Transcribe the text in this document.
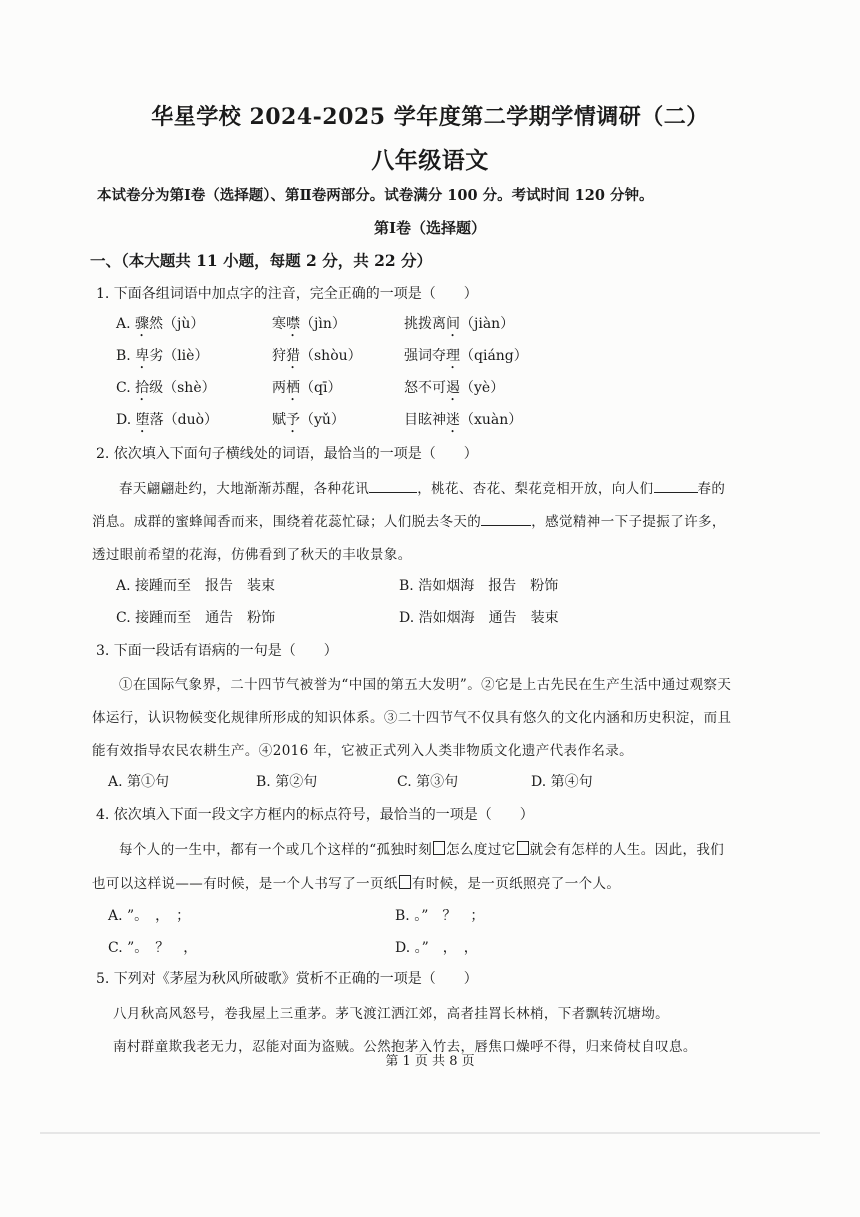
华星学校 2024-2025 学年度第二学期学情调研（二）
八年级语文
本试卷分为第Ⅰ卷（选择题）、第Ⅱ卷两部分。试卷满分 100 分。考试时间 120 分钟。
第Ⅰ卷（选择题）
一、（本大题共 11 小题，每题 2 分，共 22 分）
1. 下面各组词语中加点字的注音，完全正确的一项是（　　）
A. 骤然（jù）	寒噤（jìn）	挑拨离间（jiàn）
B. 卑劣（liè）	狩猎（shòu）	强词夺理（qiáng）
C. 拾级（shè）	两栖（qī）	怒不可遏（yè）
D. 堕落（duò）	赋予（yǔ）	目眩神迷（xuàn）
2. 依次填入下面句子横线处的词语，最恰当的一项是（　　）
春天翩翩赴约，大地渐渐苏醒，各种花讯	，桃花、杏花、梨花竞相开放，向人们	春的
消息。成群的蜜蜂闻香而来，围绕着花蕊忙碌；人们脱去冬天的	，感觉精神一下子提振了许多，
透过眼前希望的花海，仿佛看到了秋天的丰收景象。
A. 接踵而至　报告　装束	B. 浩如烟海　报告　粉饰
C. 接踵而至　通告　粉饰	D. 浩如烟海　通告　装束
3. 下面一段话有语病的一句是（　　）
①在国际气象界，二十四节气被誉为“中国的第五大发明”。②它是上古先民在生产生活中通过观察天
体运行，认识物候变化规律所形成的知识体系。③二十四节气不仅具有悠久的文化内涵和历史积淀，而且
能有效指导农民农耕生产。④2016 年，它被正式列入人类非物质文化遗产代表作名录。
A. 第①句	B. 第②句	C. 第③句	D. 第④句
4. 依次填入下面一段文字方框内的标点符号，最恰当的一项是（　　）
每个人的一生中，都有一个或几个这样的“孤独时刻 怎么度过它 就会有怎样的人生。因此，我们
也可以这样说——有时候，是一个人书写了一页纸 有时候，是一页纸照亮了一个人。
A. ”。　，　；	B. 。”　？　；
C. ”。　？　，	D. 。”　，　，
5. 下列对《茅屋为秋风所破歌》赏析不正确的一项是（　　）
八月秋高风怒号，卷我屋上三重茅。茅飞渡江洒江郊，高者挂罥长林梢，下者飘转沉塘坳。
南村群童欺我老无力，忍能对面为盗贼。公然抱茅入竹去，唇焦口燥呼不得，归来倚杖自叹息。
第 1 页 共 8 页
